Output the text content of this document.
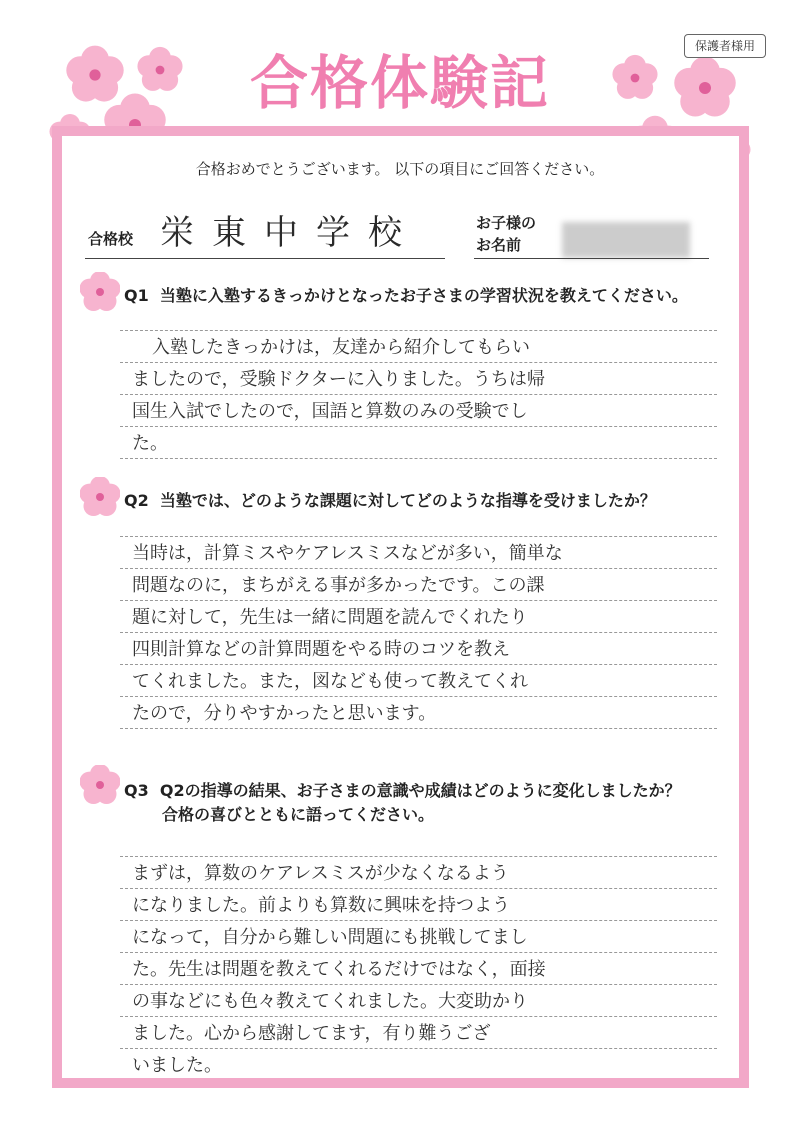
保護者様用
合格体験記
合格おめでとうございます。 以下の項目にご回答ください。
合格校 栄東中学校	お子様の
お名前
Q1 当塾に入塾するきっかけとなったお子さまの学習状況を教えてください。
入塾したきっかけは，友達から紹介してもらい
ましたので，受験ドクターに入りました。うちは帰
国生入試でしたので，国語と算数のみの受験でし
た。
Q2 当塾では、どのような課題に対してどのような指導を受けましたか？
当時は，計算ミスやケアレスミスなどが多い，簡単な
問題なのに，まちがえる事が多かったです。この課
題に対して，先生は一緒に問題を読んでくれたり
四則計算などの計算問題をやる時のコツを教え
てくれました。また，図なども使って教えてくれ
たので，分りやすかったと思います。
Q3 Q2の指導の結果、お子さまの意識や成績はどのように変化しましたか？
合格の喜びとともに語ってください。
まずは，算数のケアレスミスが少なくなるよう
になりました。前よりも算数に興味を持つよう
になって，自分から難しい問題にも挑戦してまし
た。先生は問題を教えてくれるだけではなく，面接
の事などにも色々教えてくれました。大変助かり
ました。心から感謝してます，有り難うござ
いました。
